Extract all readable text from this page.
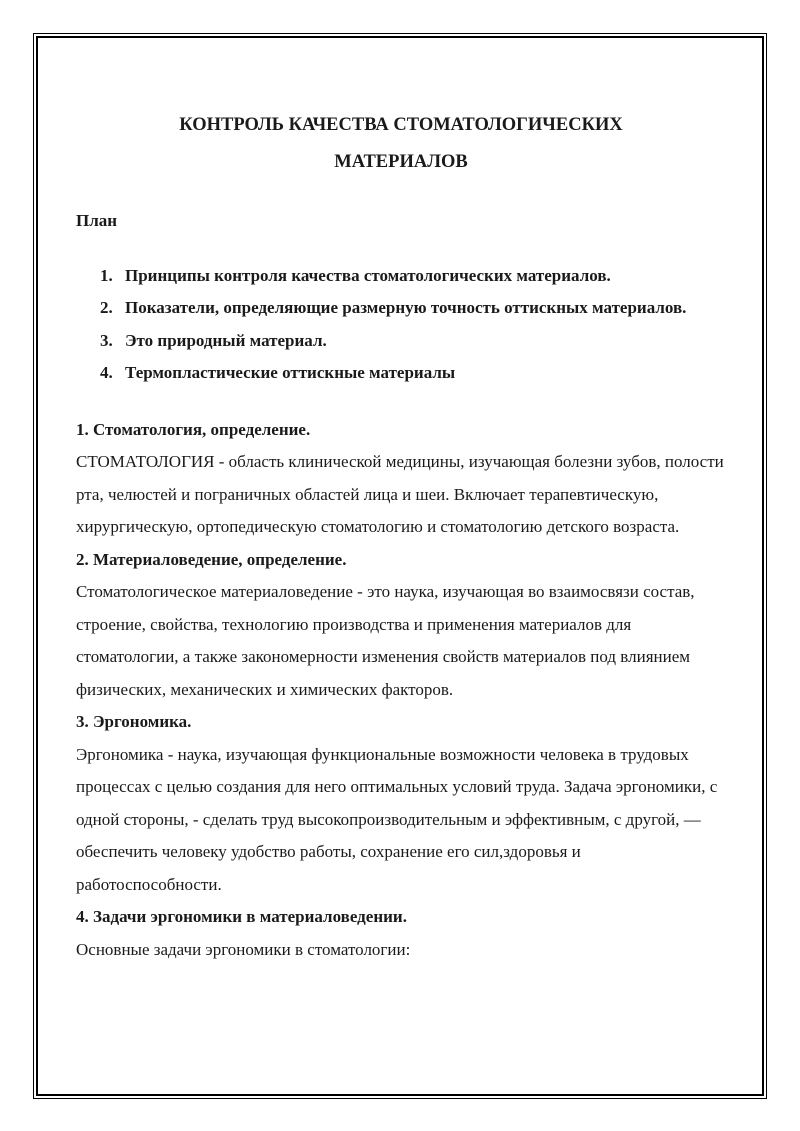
КОНТРОЛЬ КАЧЕСТВА СТОМАТОЛОГИЧЕСКИХ
МАТЕРИАЛОВ
План
1. Принципы контроля качества стоматологических материалов.
2. Показатели, определяющие размерную точность оттискных материалов.
3. Это природный материал.
4. Термопластические оттискные материалы
1. Стоматология, определение.

СТОМАТОЛОГИЯ - область клинической медицины, изучающая болезни зубов, полости рта, челюстей и пограничных областей лица и шеи. Включает терапевтическую, хирургическую, ортопедическую стоматологию и стоматологию детского возраста.

2. Материаловедение, определение.

Стоматологическое материаловедение - это наука, изучающая во взаимосвязи состав, строение, свойства, технологию производства и применения материалов для стоматологии, а также закономерности изменения свойств материалов под влиянием физических, механических и химических факторов.

3. Эргономика.

Эргономика - наука, изучающая функциональные возможности человека в трудовых процессах с целью создания для него оптимальных условий труда. Задача эргономики, с одной стороны, - сделать труд высокопроизводительным и эффективным, с другой, — обеспечить человеку удобство работы, сохранение его сил,здоровья и работоспособности.

4. Задачи эргономики в материаловедении.

Основные задачи эргономики в стоматологии:
